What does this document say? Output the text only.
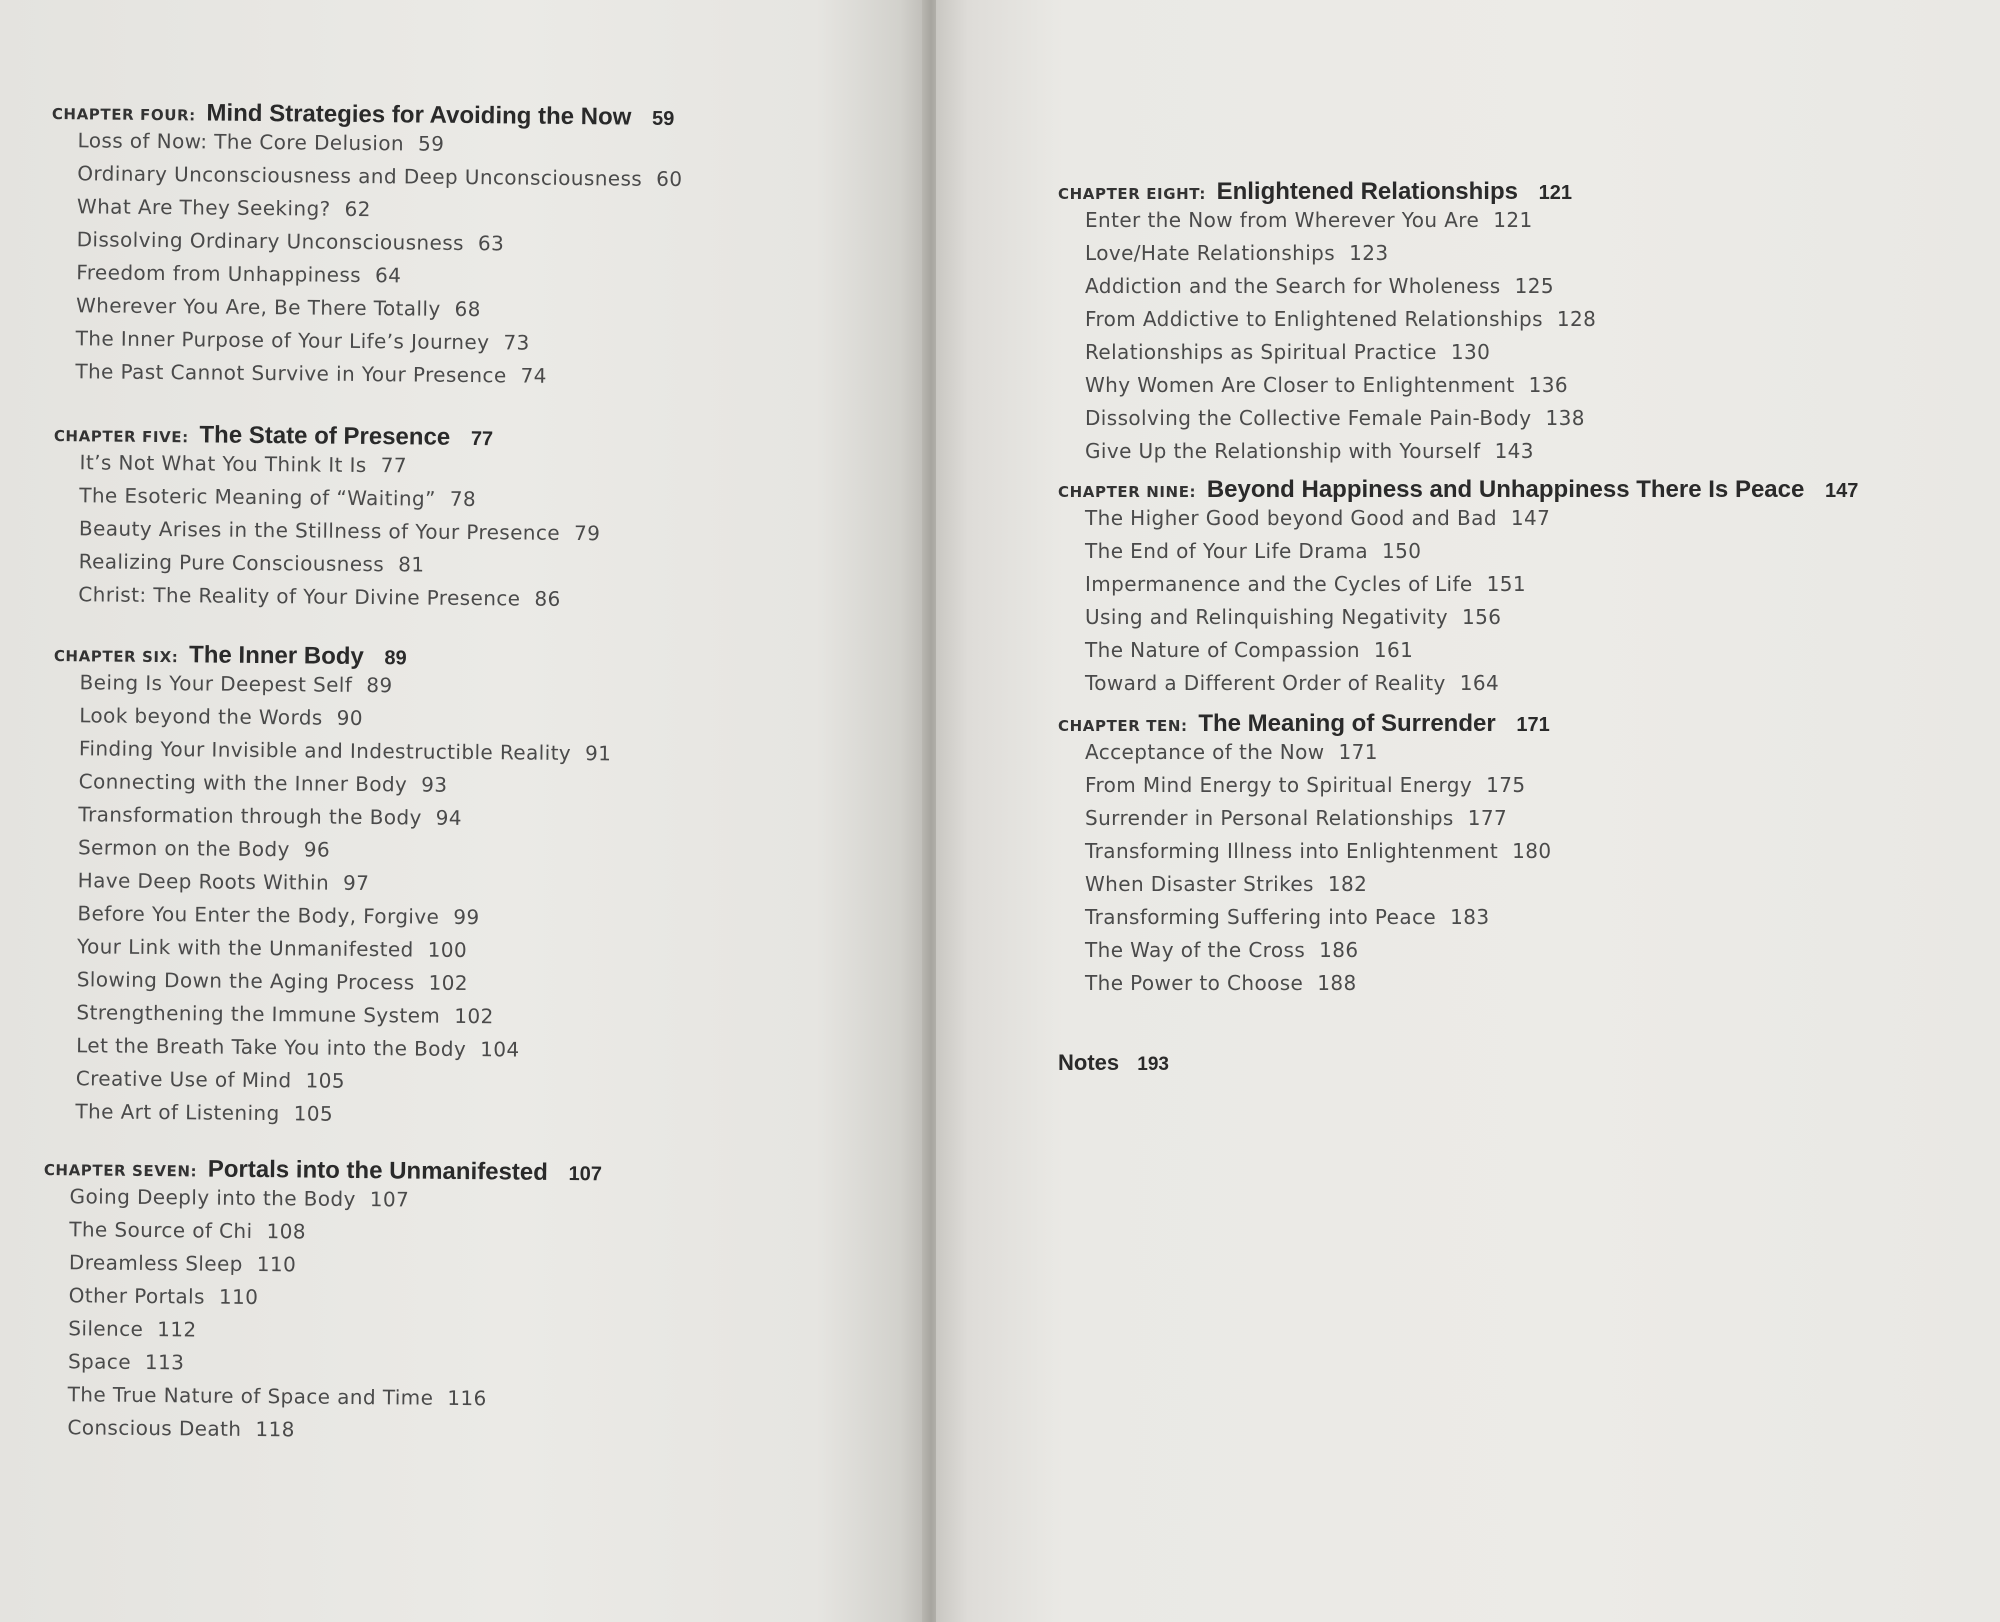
CHAPTER FOUR: Mind Strategies for Avoiding the Now 59
Loss of Now: The Core Delusion 59
Ordinary Unconsciousness and Deep Unconsciousness 60
What Are They Seeking? 62
Dissolving Ordinary Unconsciousness 63
Freedom from Unhappiness 64
Wherever You Are, Be There Totally 68
The Inner Purpose of Your Life’s Journey 73
The Past Cannot Survive in Your Presence 74
CHAPTER FIVE: The State of Presence 77
It’s Not What You Think It Is 77
The Esoteric Meaning of “Waiting” 78
Beauty Arises in the Stillness of Your Presence 79
Realizing Pure Consciousness 81
Christ: The Reality of Your Divine Presence 86
CHAPTER SIX: The Inner Body 89
Being Is Your Deepest Self 89
Look beyond the Words 90
Finding Your Invisible and Indestructible Reality 91
Connecting with the Inner Body 93
Transformation through the Body 94
Sermon on the Body 96
Have Deep Roots Within 97
Before You Enter the Body, Forgive 99
Your Link with the Unmanifested 100
Slowing Down the Aging Process 102
Strengthening the Immune System 102
Let the Breath Take You into the Body 104
Creative Use of Mind 105
The Art of Listening 105
CHAPTER SEVEN: Portals into the Unmanifested 107
Going Deeply into the Body 107
The Source of Chi 108
Dreamless Sleep 110
Other Portals 110
Silence 112
Space 113
The True Nature of Space and Time 116
Conscious Death 118
CHAPTER EIGHT: Enlightened Relationships 121
Enter the Now from Wherever You Are 121
Love/Hate Relationships 123
Addiction and the Search for Wholeness 125
From Addictive to Enlightened Relationships 128
Relationships as Spiritual Practice 130
Why Women Are Closer to Enlightenment 136
Dissolving the Collective Female Pain-Body 138
Give Up the Relationship with Yourself 143
CHAPTER NINE: Beyond Happiness and Unhappiness There Is Peace 147
The Higher Good beyond Good and Bad 147
The End of Your Life Drama 150
Impermanence and the Cycles of Life 151
Using and Relinquishing Negativity 156
The Nature of Compassion 161
Toward a Different Order of Reality 164
CHAPTER TEN: The Meaning of Surrender 171
Acceptance of the Now 171
From Mind Energy to Spiritual Energy 175
Surrender in Personal Relationships 177
Transforming Illness into Enlightenment 180
When Disaster Strikes 182
Transforming Suffering into Peace 183
The Way of the Cross 186
The Power to Choose 188
Notes 193
